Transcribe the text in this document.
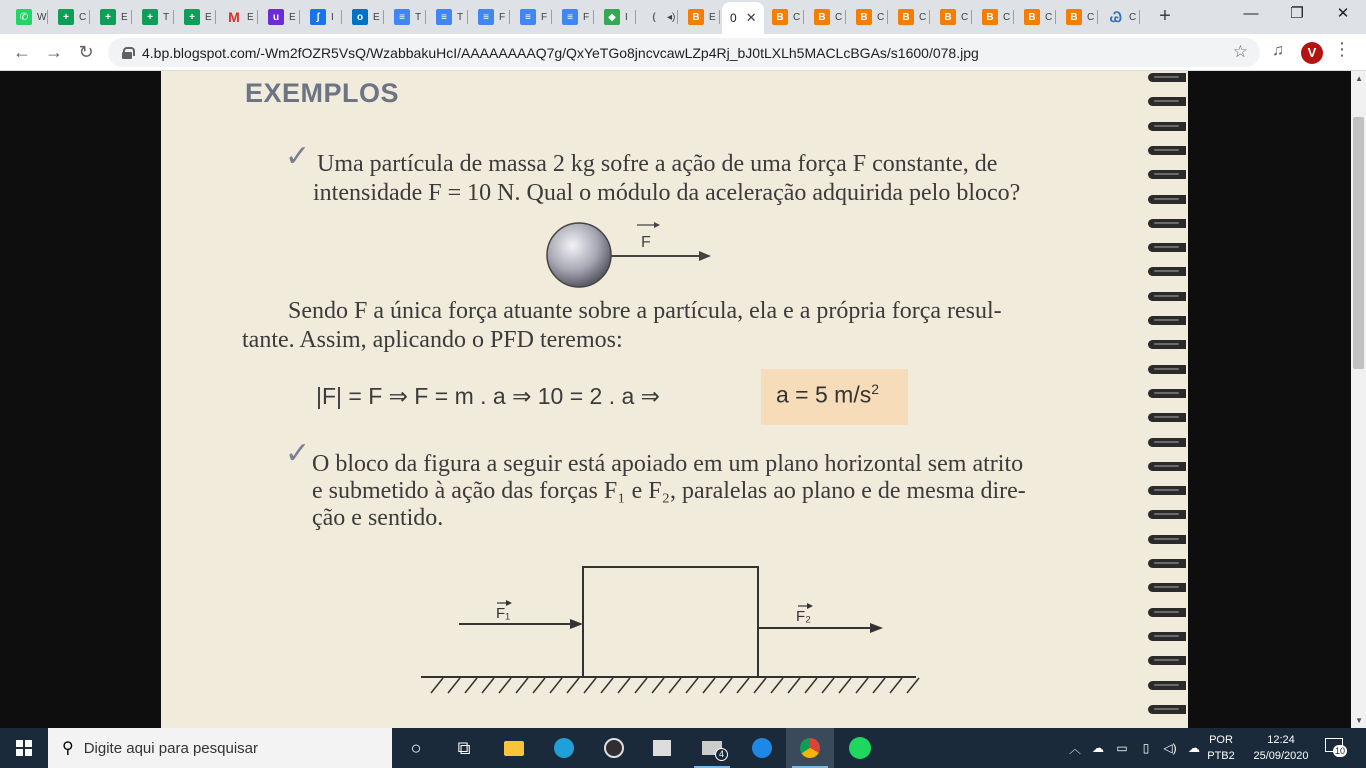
+	—	❐	✕
✆ W	+	C	+	E	+	T	+	E M E	u E	ʃ	I	o E	≡	T	≡	T	≡	F	≡	F	≡	F	◆ I	(	◂)	B E	B C	B C	B C	B C	B C	B C	B C	B C Ꮚ C
0 ✕
← → ↻	4.bp.blogspot.com/-Wm2fOZR5VsQ/WzabbakuHcI/AAAAAAAAQ7g/QxYeTGo8jncvcawLZp4Rj_bJ0tLXLh5MACLcBGAs/s1600/078.jpg	☆ ♫	V ⋮
EXEMPLOS
✓ Uma partícula de massa 2 kg sofre a ação de uma força F constante, de
intensidade F = 10 N. Qual o módulo da aceleração adquirida pelo bloco?
F
Sendo F a única força atuante sobre a partícula, ela e a própria força resul-
tante. Assim, aplicando o PFD teremos:
|F| = F ⇒ F = m . a ⇒ 10 = 2 . a ⇒	a = 5 $m/s^2$
✓ O bloco da figura a seguir está apoiado em um plano horizontal sem atrito
e submetido à ação das forças F₁ e F₂, paralelas ao plano e de mesma dire-
ção e sentido.
F₁	F₂
▲
▼
⚲ Digite aqui para pesquisar	○	⧉	4	︿ ☁	▭	▯	◁) ☁
POR
PTB2
12:24
25/09/2020	10
